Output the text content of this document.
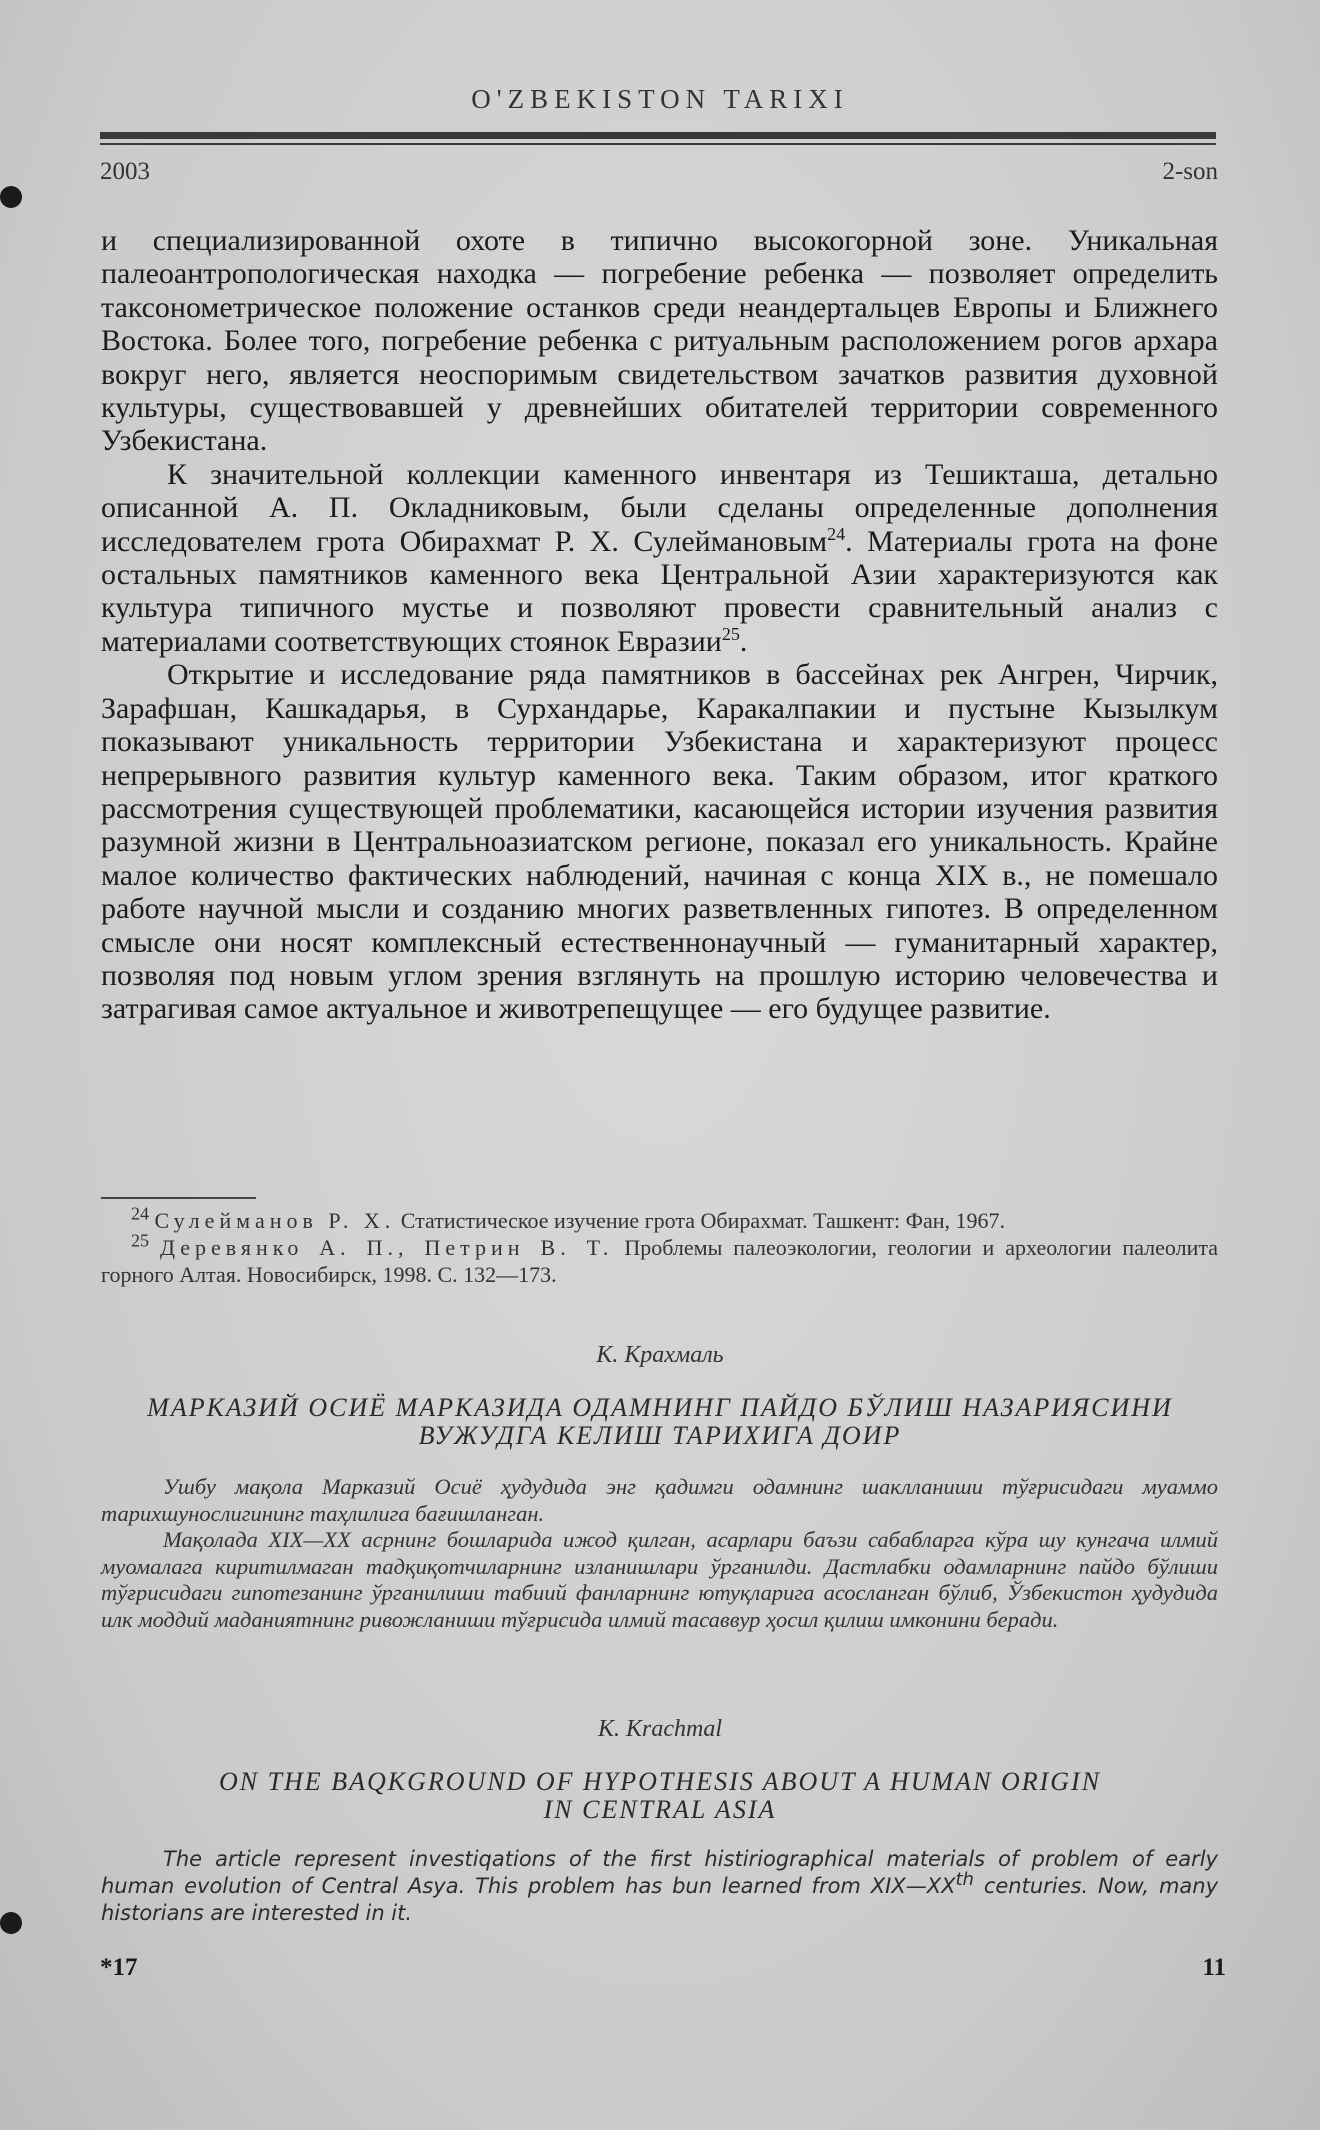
O'ZBEKISTON TARIXI
2003	2-son

и специализированной охоте в типично высокогорной зоне. Уникальная палеоантропологическая находка — погребение ребенка — позволяет определить таксонометрическое положение останков среди неандертальцев Европы и Ближнего Востока. Более того, погребение ребенка с ритуальным расположением рогов архара вокруг него, является неоспоримым свидетельством зачатков развития духовной культуры, существовавшей у древнейших обитателей территории современного Узбекистана.

К значительной коллекции каменного инвентаря из Тешикташа, детально описанной А. П. Окладниковым, были сделаны определенные дополнения исследователем грота Обирахмат Р. Х. Сулеймановым$^{24}$. Материалы грота на фоне остальных памятников каменного века Центральной Азии характеризуются как культура типичного мустье и позволяют провести сравнительный анализ с материалами соответствующих стоянок Евразии$^{25}$.

Открытие и исследование ряда памятников в бассейнах рек Ангрен, Чирчик, Зарафшан, Кашкадарья, в Сурхандарье, Каракалпакии и пустыне Кызылкум показывают уникальность территории Узбекистана и характеризуют процесс непрерывного развития культур каменного века. Таким образом, итог краткого рассмотрения существующей проблематики, касающейся истории изучения развития разумной жизни в Центральноазиатском регионе, показал его уникальность. Крайне малое количество фактических наблюдений, начиная с конца XIX в., не помешало работе научной мысли и созданию многих разветвленных гипотез. В определенном смысле они носят комплексный естественнонаучный — гуманитарный характер, позволяя под новым углом зрения взглянуть на прошлую историю человечества и затрагивая самое актуальное и животрепещущее — его будущее развитие.

$^{24}$ Сулейманов Р. Х. Статистическое изучение грота Обирахмат. Ташкент: Фан, 1967.

$^{25}$ Деревянко А. П., Петрин В. Т. Проблемы палеоэкологии, геологии и археологии палеолита горного Алтая. Новосибирск, 1998. С. 132—173.

К. Крахмаль
МАРКАЗИЙ ОСИЁ МАРКАЗИДА ОДАМНИНГ ПАЙДО БЎЛИШ НАЗАРИЯСИНИ
ВУЖУДГА КЕЛИШ ТАРИХИГА ДОИР

Ушбу мақола Марказий Осиё ҳудудида энг қадимги одамнинг шаклланиши тўғрисидаги муаммо тарихшунослигининг таҳлилига бағишланган.

Мақолада XIX—XX асрнинг бошларида ижод қилган, асарлари баъзи сабабларга кўра шу кунгача илмий муомалага киритилмаган тадқиқотчиларнинг изланишлари ўрганилди. Дастлабки одамларнинг пайдо бўлиши тўғрисидаги гипотезанинг ўрганилиши табиий фанларнинг ютуқларига асосланган бўлиб, Ўзбекистон ҳудудида илк моддий маданиятнинг ривожланиши тўғрисида илмий тасаввур ҳосил қилиш имконини беради.

K. Krachmal
ON THE BAQKGROUND OF HYPOTHESIS ABOUT A HUMAN ORIGIN
IN CENTRAL ASIA

The article represent investiqations of the first histiriographical materials of problem of early human evolution of Central Asya. This problem has bun learned from XIX—XXth centuries. Now, many historians are interested in it.

*17	11
